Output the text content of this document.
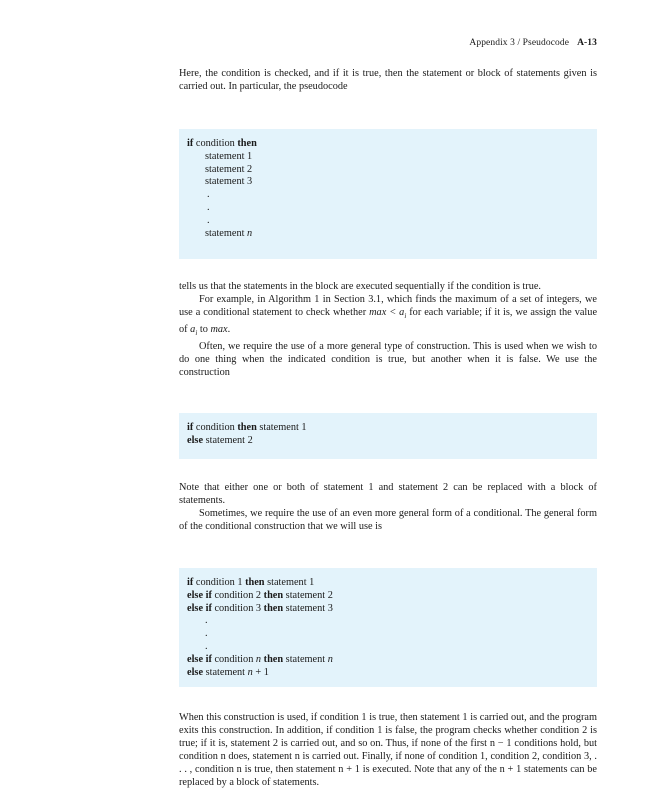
Appendix 3 / Pseudocode A-13

Here, the condition is checked, and if it is true, then the statement or block of statements given is carried out. In particular, the pseudocode

if condition then
statement 1
statement 2
statement 3
.
.
.
statement n

tells us that the statements in the block are executed sequentially if the condition is true.

For example, in Algorithm 1 in Section 3.1, which finds the maximum of a set of integers, we use a conditional statement to check whether $\max < a_i$ for each variable; if it is, we assign the value of $a_i$ to max.

Often, we require the use of a more general type of construction. This is used when we wish to do one thing when the indicated condition is true, but another when it is false. We use the construction

if condition then statement 1
else statement 2

Note that either one or both of statement 1 and statement 2 can be replaced with a block of statements.

Sometimes, we require the use of an even more general form of a conditional. The general form of the conditional construction that we will use is

if condition 1 then statement 1
else if condition 2 then statement 2
else if condition 3 then statement 3
.
.
.
else if condition n then statement n
else statement n + 1

When this construction is used, if condition 1 is true, then statement 1 is carried out, and the program exits this construction. In addition, if condition 1 is false, the program checks whether condition 2 is true; if it is, statement 2 is carried out, and so on. Thus, if none of the first n − 1 conditions hold, but condition n does, statement n is carried out. Finally, if none of condition 1, condition 2, condition 3, . . . , condition n is true, then statement n + 1 is executed. Note that any of the n + 1 statements can be replaced by a block of statements.
